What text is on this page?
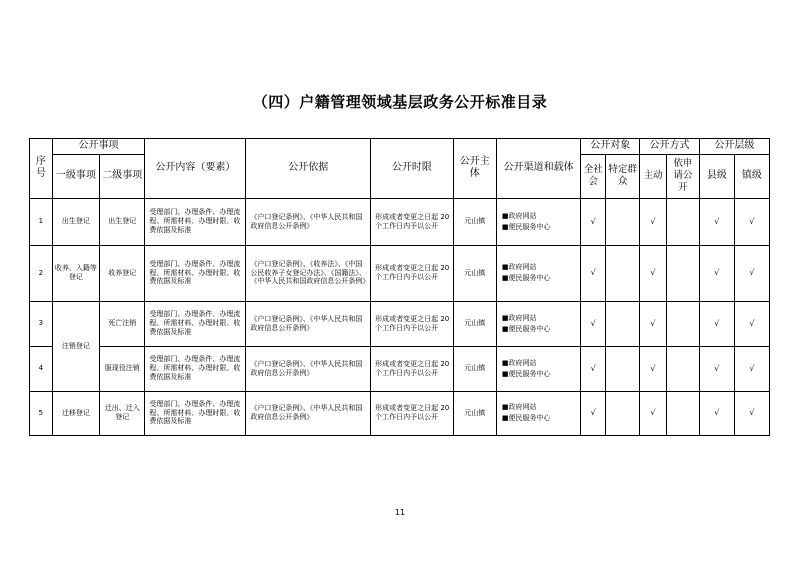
（四）户籍管理领域基层政务公开标准目录
序号	公开事项		公开内容（要素）	公开依据	公开时限	公开主体	公开渠道和载体	公开对象		公开方式		公开层级	
	一级事项	二级事项						全社会	特定群众	主动	依申请公开	县级	镇级
1	出生登记	出生登记	受理部门、办理条件、办理流程、所需材料、办理时限、收费依据及标准	《户口登记条例》、《中华人民共和国政府信息公开条例》	形成或者变更之日起 20 个工作日内予以公开	元山镇	■政府网站
■便民服务中心	√		√		√	√
2	收养、入籍等登记	收养登记	受理部门、办理条件、办理流程、所需材料、办理时限、收费依据及标准	《户口登记条例》、《收养法》、《中国公民收养子女登记办法》、《国籍法》、《中华人民共和国政府信息公开条例》	形成或者变更之日起 20 个工作日内予以公开	元山镇	■政府网站
■便民服务中心	√		√		√	√
3	注销登记	死亡注销	受理部门、办理条件、办理流程、所需材料、办理时限、收费依据及标准	《户口登记条例》、《中华人民共和国政府信息公开条例》	形成或者变更之日起 20 个工作日内予以公开	元山镇	■政府网站
■便民服务中心	√		√		√	√
4		服现役注销	受理部门、办理条件、办理流程、所需材料、办理时限、收费依据及标准	《户口登记条例》、《中华人民共和国政府信息公开条例》	形成或者变更之日起 20 个工作日内予以公开	元山镇	■政府网站
■便民服务中心	√		√		√	√
5	迁移登记	迁出、迁入登记	受理部门、办理条件、办理流程、所需材料、办理时限、收费依据及标准	《户口登记条例》、《中华人民共和国政府信息公开条例》	形成或者变更之日起 20 个工作日内予以公开	元山镇	■政府网站
■便民服务中心	√		√		√	√
11
